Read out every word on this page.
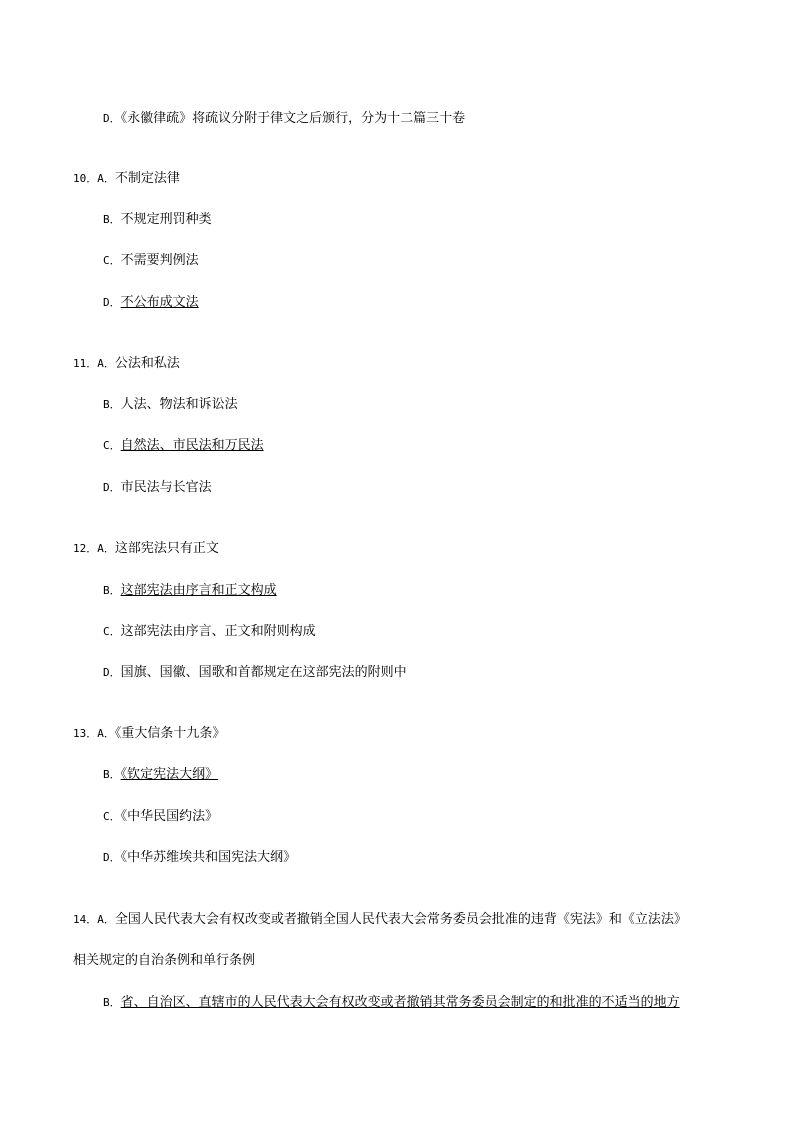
D．《永徽律疏》将疏议分附于律文之后颁行，分为十二篇三十卷
10．A．不制定法律
B．不规定刑罚种类
C．不需要判例法
D．不公布成文法
11．A．公法和私法
B．人法、物法和诉讼法
C．自然法、市民法和万民法
D．市民法与长官法
12．A．这部宪法只有正文
B．这部宪法由序言和正文构成
C．这部宪法由序言、正文和附则构成
D．国旗、国徽、国歌和首都规定在这部宪法的附则中
13．A．《重大信条十九条》
B．《钦定宪法大纲》
C．《中华民国约法》
D．《中华苏维埃共和国宪法大纲》
14．A．全国人民代表大会有权改变或者撤销全国人民代表大会常务委员会批准的违背《宪法》和《立法法》
相关规定的自治条例和单行条例
B．省、自治区、直辖市的人民代表大会有权改变或者撤销其常务委员会制定的和批准的不适当的地方
